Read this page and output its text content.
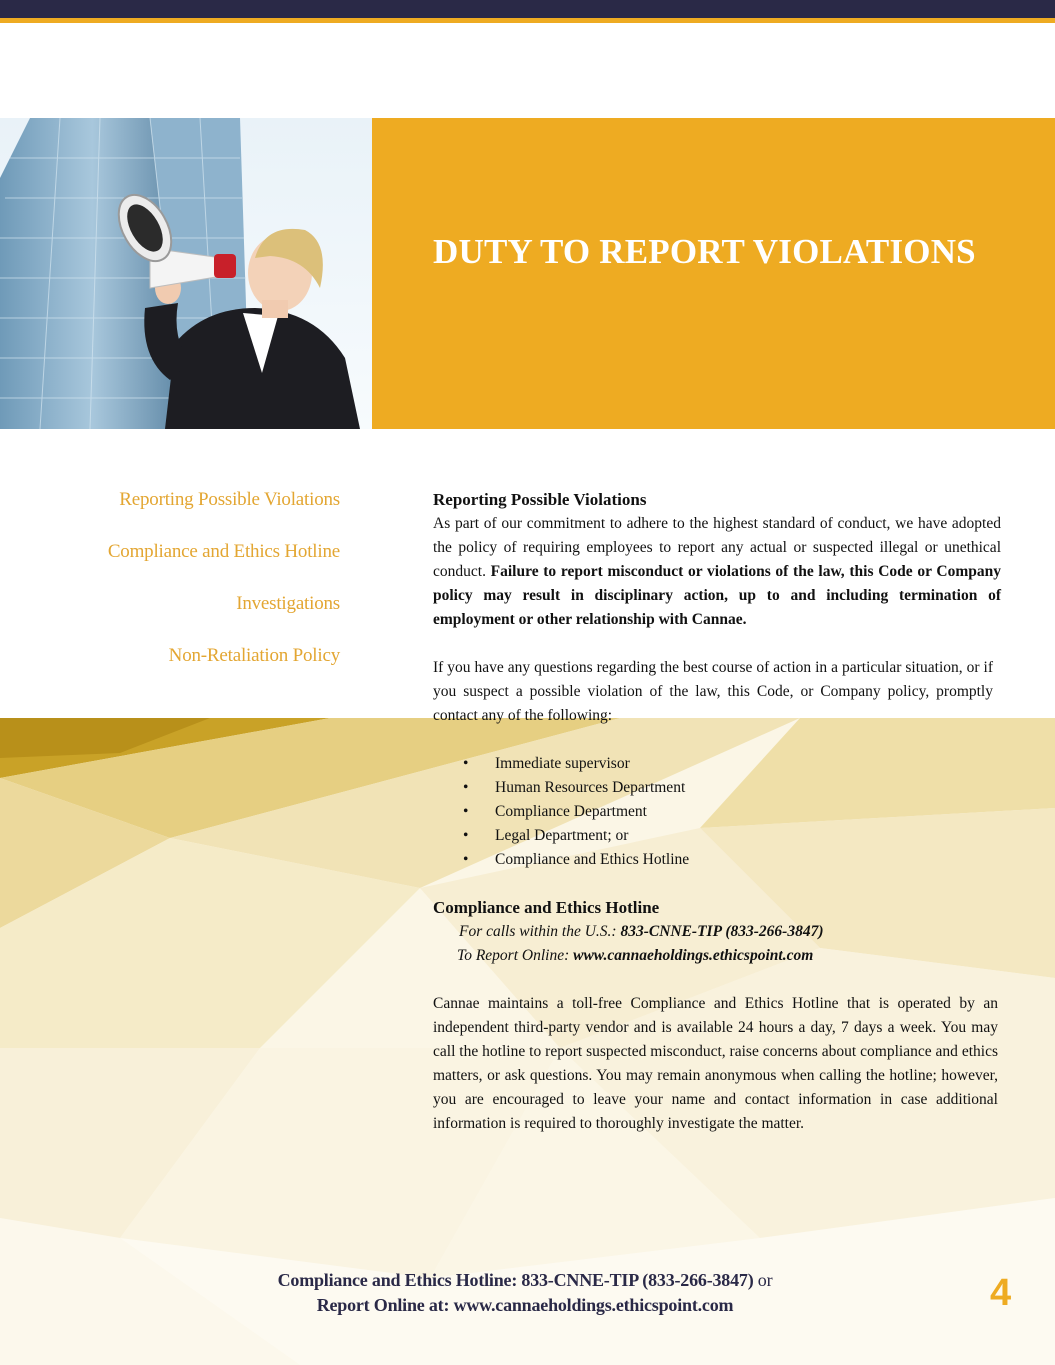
DUTY TO REPORT VIOLATIONS
Reporting Possible Violations
Compliance and Ethics Hotline
Investigations
Non-Retaliation Policy
Reporting Possible Violations

As part of our commitment to adhere to the highest standard of conduct, we have adopted the policy of requiring employees to report any actual or suspected illegal or unethical conduct. Failure to report misconduct or violations of the law, this Code or Company policy may result in disciplinary action, up to and including termination of employment or other relationship with Cannae.

If you have any questions regarding the best course of action in a particular situation, or if you suspect a possible violation of the law, this Code, or Company policy, promptly contact any of the following:

• Immediate supervisor
• Human Resources Department
• Compliance Department
• Legal Department; or
• Compliance and Ethics Hotline
Compliance and Ethics Hotline
For calls within the U.S.: 833-CNNE-TIP (833-266-3847)
To Report Online: www.cannaeholdings.ethicspoint.com

Cannae maintains a toll-free Compliance and Ethics Hotline that is operated by an independent third-party vendor and is available 24 hours a day, 7 days a week. You may call the hotline to report suspected misconduct, raise concerns about compliance and ethics matters, or ask questions. You may remain anonymous when calling the hotline; however, you are encouraged to leave your name and contact information in case additional information is required to thoroughly investigate the matter.

Compliance and Ethics Hotline: 833-CNNE-TIP (833-266-3847) or
Report Online at: www.cannaeholdings.ethicspoint.com	4
